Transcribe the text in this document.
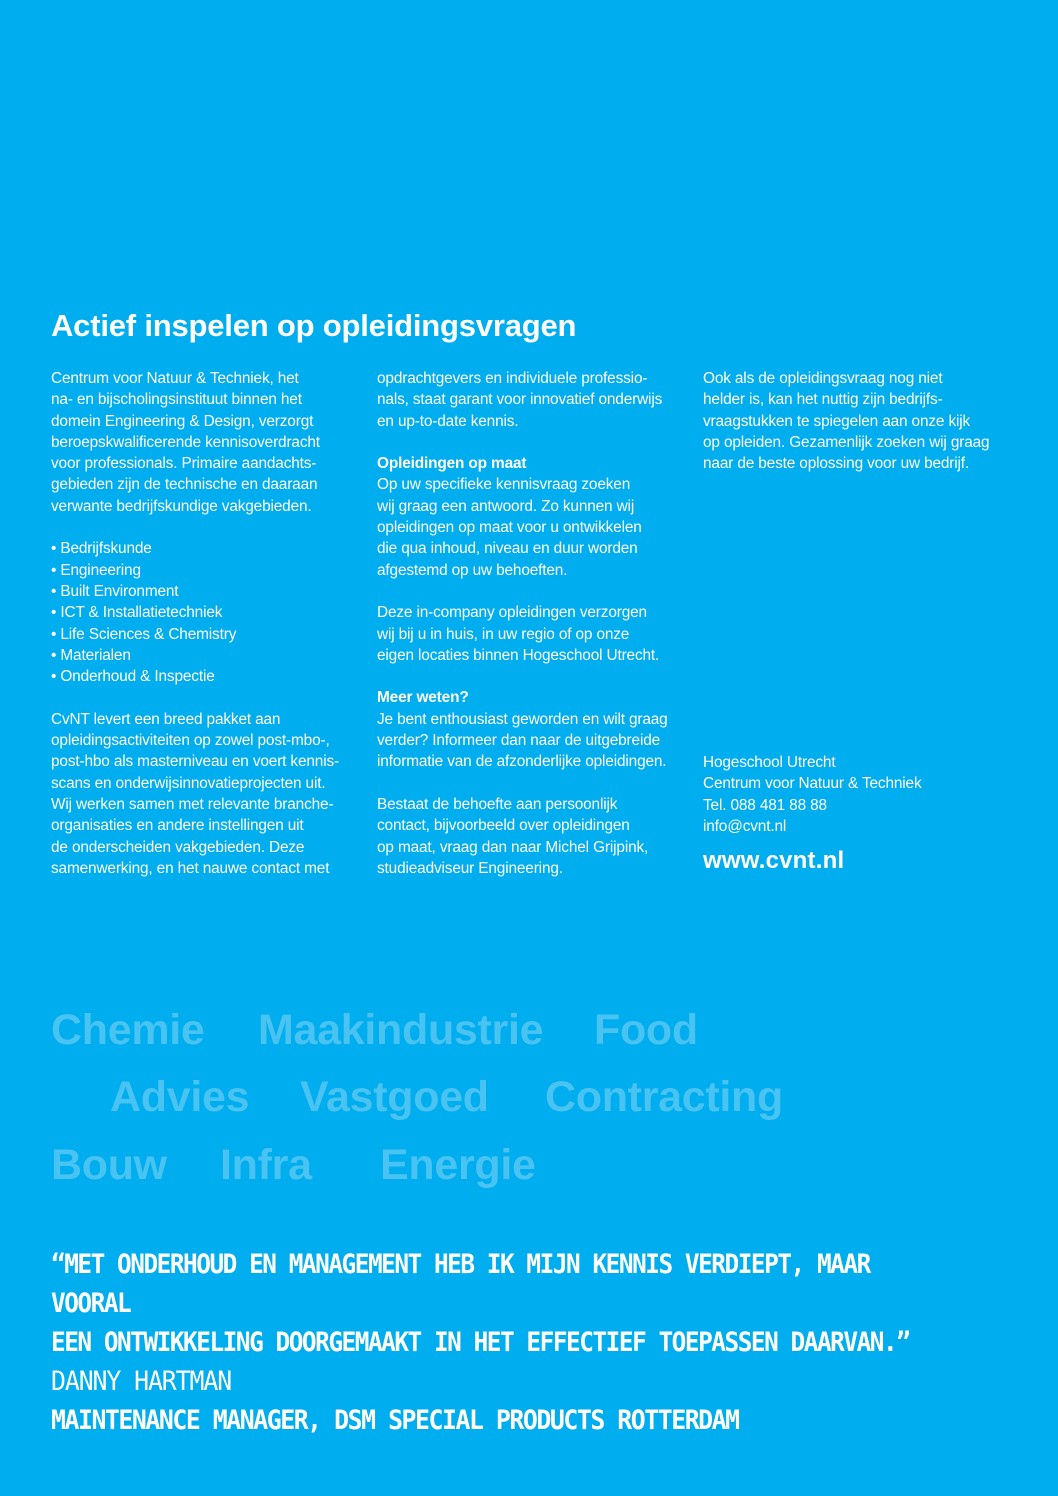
Actief inspelen op opleidingsvragen

Centrum voor Natuur & Techniek, het
na- en bijscholingsinstituut binnen het
domein Engineering & Design, verzorgt
beroepskwalificerende kennisoverdracht
voor professionals. Primaire aandachts-
gebieden zijn de technische en daaraan
verwante bedrijfskundige vakgebieden.

• Bedrijfskunde
• Engineering
• Built Environment
• ICT & Installatietechniek
• Life Sciences & Chemistry
• Materialen
• Onderhoud & Inspectie

CvNT levert een breed pakket aan
opleidingsactiviteiten op zowel post-mbo-,
post-hbo als masterniveau en voert kennis-
scans en onderwijsinnovatieprojecten uit.
Wij werken samen met relevante branche-
organisaties en andere instellingen uit
de onderscheiden vakgebieden. Deze
samenwerking, en het nauwe contact met

opdrachtgevers en individuele professio-
nals, staat garant voor innovatief onderwijs
en up-to-date kennis.

Opleidingen op maat
Op uw specifieke kennisvraag zoeken
wij graag een antwoord. Zo kunnen wij
opleidingen op maat voor u ontwikkelen
die qua inhoud, niveau en duur worden
afgestemd op uw behoeften.

Deze in-company opleidingen verzorgen
wij bij u in huis, in uw regio of op onze
eigen locaties binnen Hogeschool Utrecht.

Meer weten?
Je bent enthousiast geworden en wilt graag
verder? Informeer dan naar de uitgebreide
informatie van de afzonderlijke opleidingen.

Bestaat de behoefte aan persoonlijk
contact, bijvoorbeeld over opleidingen
op maat, vraag dan naar Michel Grijpink,
studieadviseur Engineering.

Ook als de opleidingsvraag nog niet
helder is, kan het nuttig zijn bedrijfs-
vraagstukken te spiegelen aan onze kijk
op opleiden. Gezamenlijk zoeken wij graag
naar de beste oplossing voor uw bedrijf.

Hogeschool Utrecht
Centrum voor Natuur & Techniek
Tel. 088 481 88 88
info@cvnt.nl
www.cvnt.nl
Chemie Maakindustrie Food
Advies Vastgoed Contracting
Bouw Infra Energie

“MET ONDERHOUD EN MANAGEMENT HEB IK MIJN KENNIS VERDIEPT, MAAR VOORAL
EEN ONTWIKKELING DOORGEMAAKT IN HET EFFECTIEF TOEPASSEN DAARVAN.”

DANNY HARTMAN

MAINTENANCE MANAGER, DSM SPECIAL PRODUCTS ROTTERDAM
